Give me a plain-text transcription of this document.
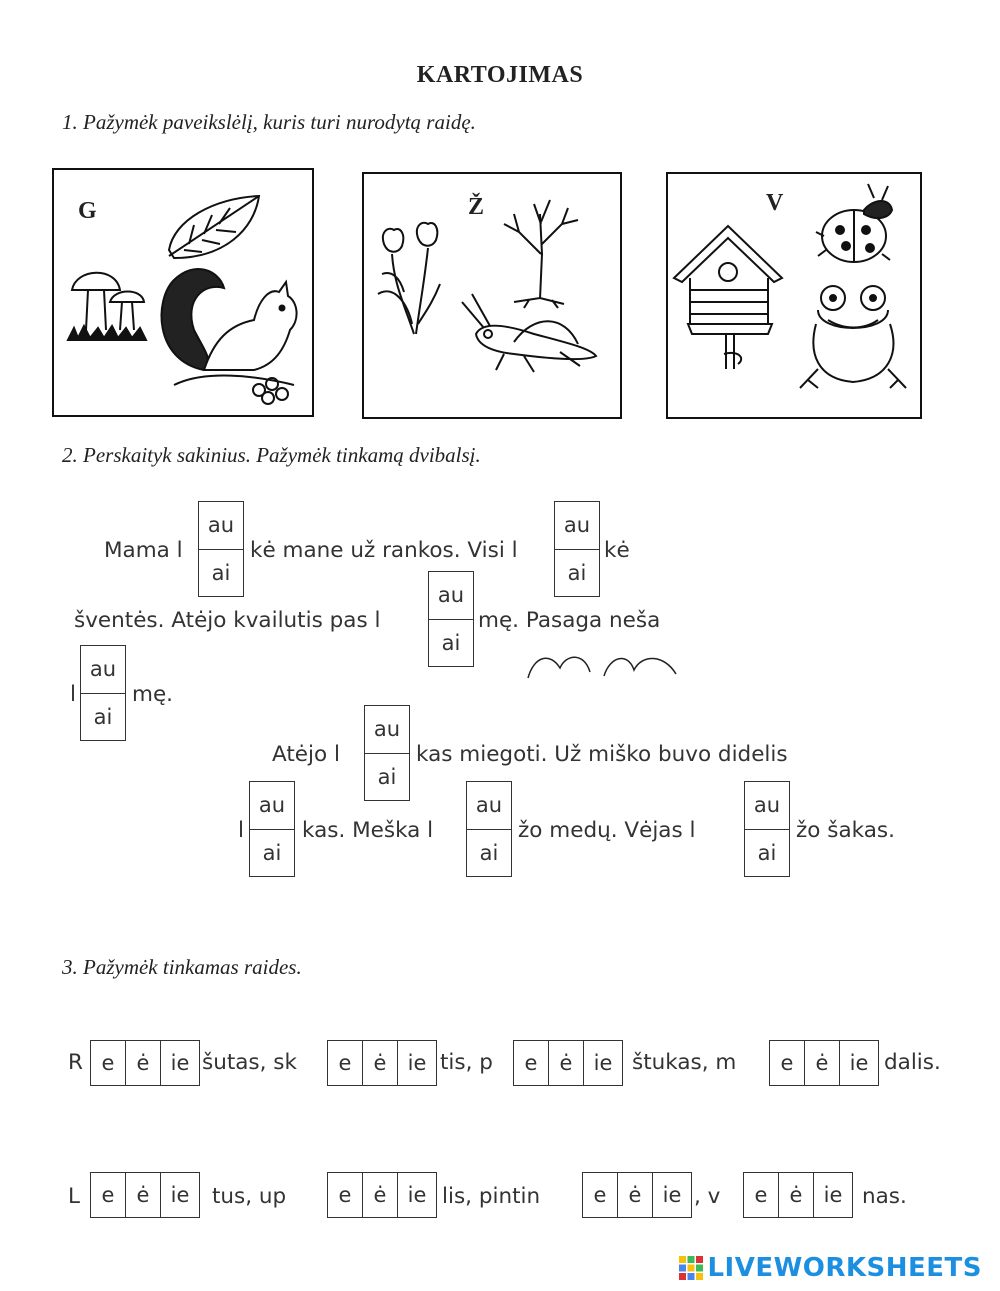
KARTOJIMAS
1. Pažymėk paveikslėlį, kuris turi nurodytą raidę.
G	Ž	V
2. Perskaityk sakinius. Pažymėk tinkamą dvibalsį.
Mama l
au
ai
kė mane už rankos. Visi l
au
ai
kė
šventės. Atėjo kvailutis pas l
au
ai
mę. Pasaga neša
l
au
ai
mę.
Atėjo l
au
ai
kas miegoti. Už miško buvo didelis
l
au
ai
kas. Meška l
au
ai
žo medų. Vėjas l
au
ai
žo šakas.
3. Pažymėk tinkamas raides.
R e	ė	ie šutas, sk	e	ė	ie tis, p	e	ė	ie štukas, m	e	ė	ie dalis.
L	e	ė	ie	tus, up	e	ė	ie lis, pintin	e	ė	ie , v	e	ė	ie nas.
LIVEWORKSHEETS
